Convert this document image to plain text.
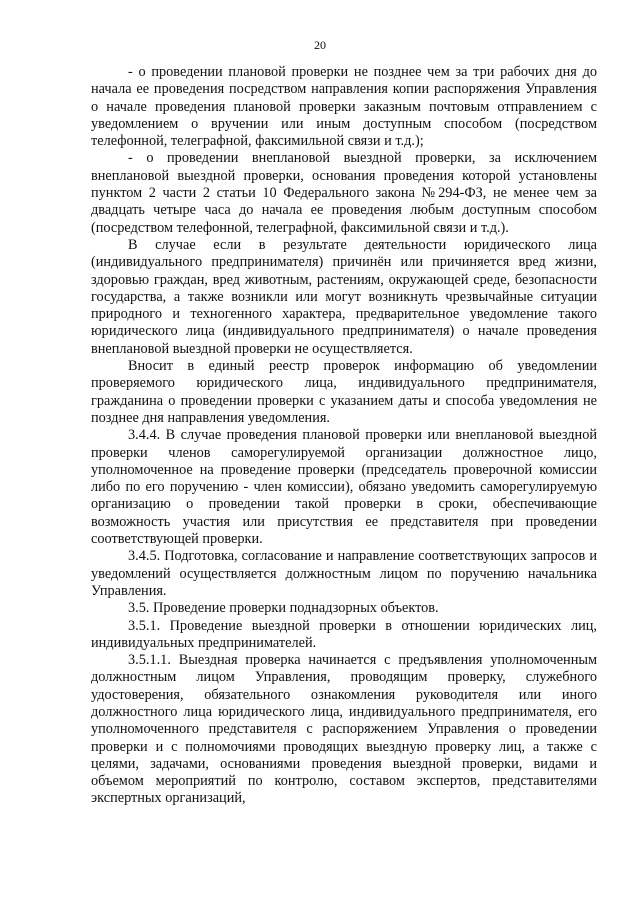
20

- о проведении плановой проверки не позднее чем за три рабочих дня до начала ее проведения посредством направления копии распоряжения Управления о начале проведения плановой проверки заказным почтовым отправлением с уведомлением о вручении или иным доступным способом (посредством телефонной, телеграфной, факсимильной связи и т.д.);

- о проведении внеплановой выездной проверки, за исключением внеплановой выездной проверки, основания проведения которой установлены пунктом 2 части 2 статьи 10 Федерального закона №294-ФЗ, не менее чем за двадцать четыре часа до начала ее проведения любым доступным способом (посредством телефонной, телеграфной, факсимильной связи и т.д.).

В случае если в результате деятельности юридического лица (индивидуального предпринимателя) причинён или причиняется вред жизни, здоровью граждан, вред животным, растениям, окружающей среде, безопасности государства, а также возникли или могут возникнуть чрезвычайные ситуации природного и техногенного характера, предварительное уведомление такого юридического лица (индивидуального предпринимателя) о начале проведения внеплановой выездной проверки не осуществляется.

Вносит в единый реестр проверок информацию об уведомлении проверяемого юридического лица, индивидуального предпринимателя, гражданина о проведении проверки с указанием даты и способа уведомления не позднее дня направления уведомления.

3.4.4. В случае проведения плановой проверки или внеплановой выездной проверки членов саморегулируемой организации должностное лицо, уполномоченное на проведение проверки (председатель проверочной комиссии либо по его поручению - член комиссии), обязано уведомить саморегулируемую организацию о проведении такой проверки в сроки, обеспечивающие возможность участия или присутствия ее представителя при проведении соответствующей проверки.

3.4.5. Подготовка, согласование и направление соответствующих запросов и уведомлений осуществляется должностным лицом по поручению начальника Управления.

3.5. Проведение проверки поднадзорных объектов.

3.5.1. Проведение выездной проверки в отношении юридических лиц, индивидуальных предпринимателей.

3.5.1.1. Выездная проверка начинается с предъявления уполномоченным должностным лицом Управления, проводящим проверку, служебного удостоверения, обязательного ознакомления руководителя или иного должностного лица юридического лица, индивидуального предпринимателя, его уполномоченного представителя с распоряжением Управления о проведении проверки и с полномочиями проводящих выездную проверку лиц, а также с целями, задачами, основаниями проведения выездной проверки, видами и объемом мероприятий по контролю, составом экспертов, представителями экспертных организаций,
